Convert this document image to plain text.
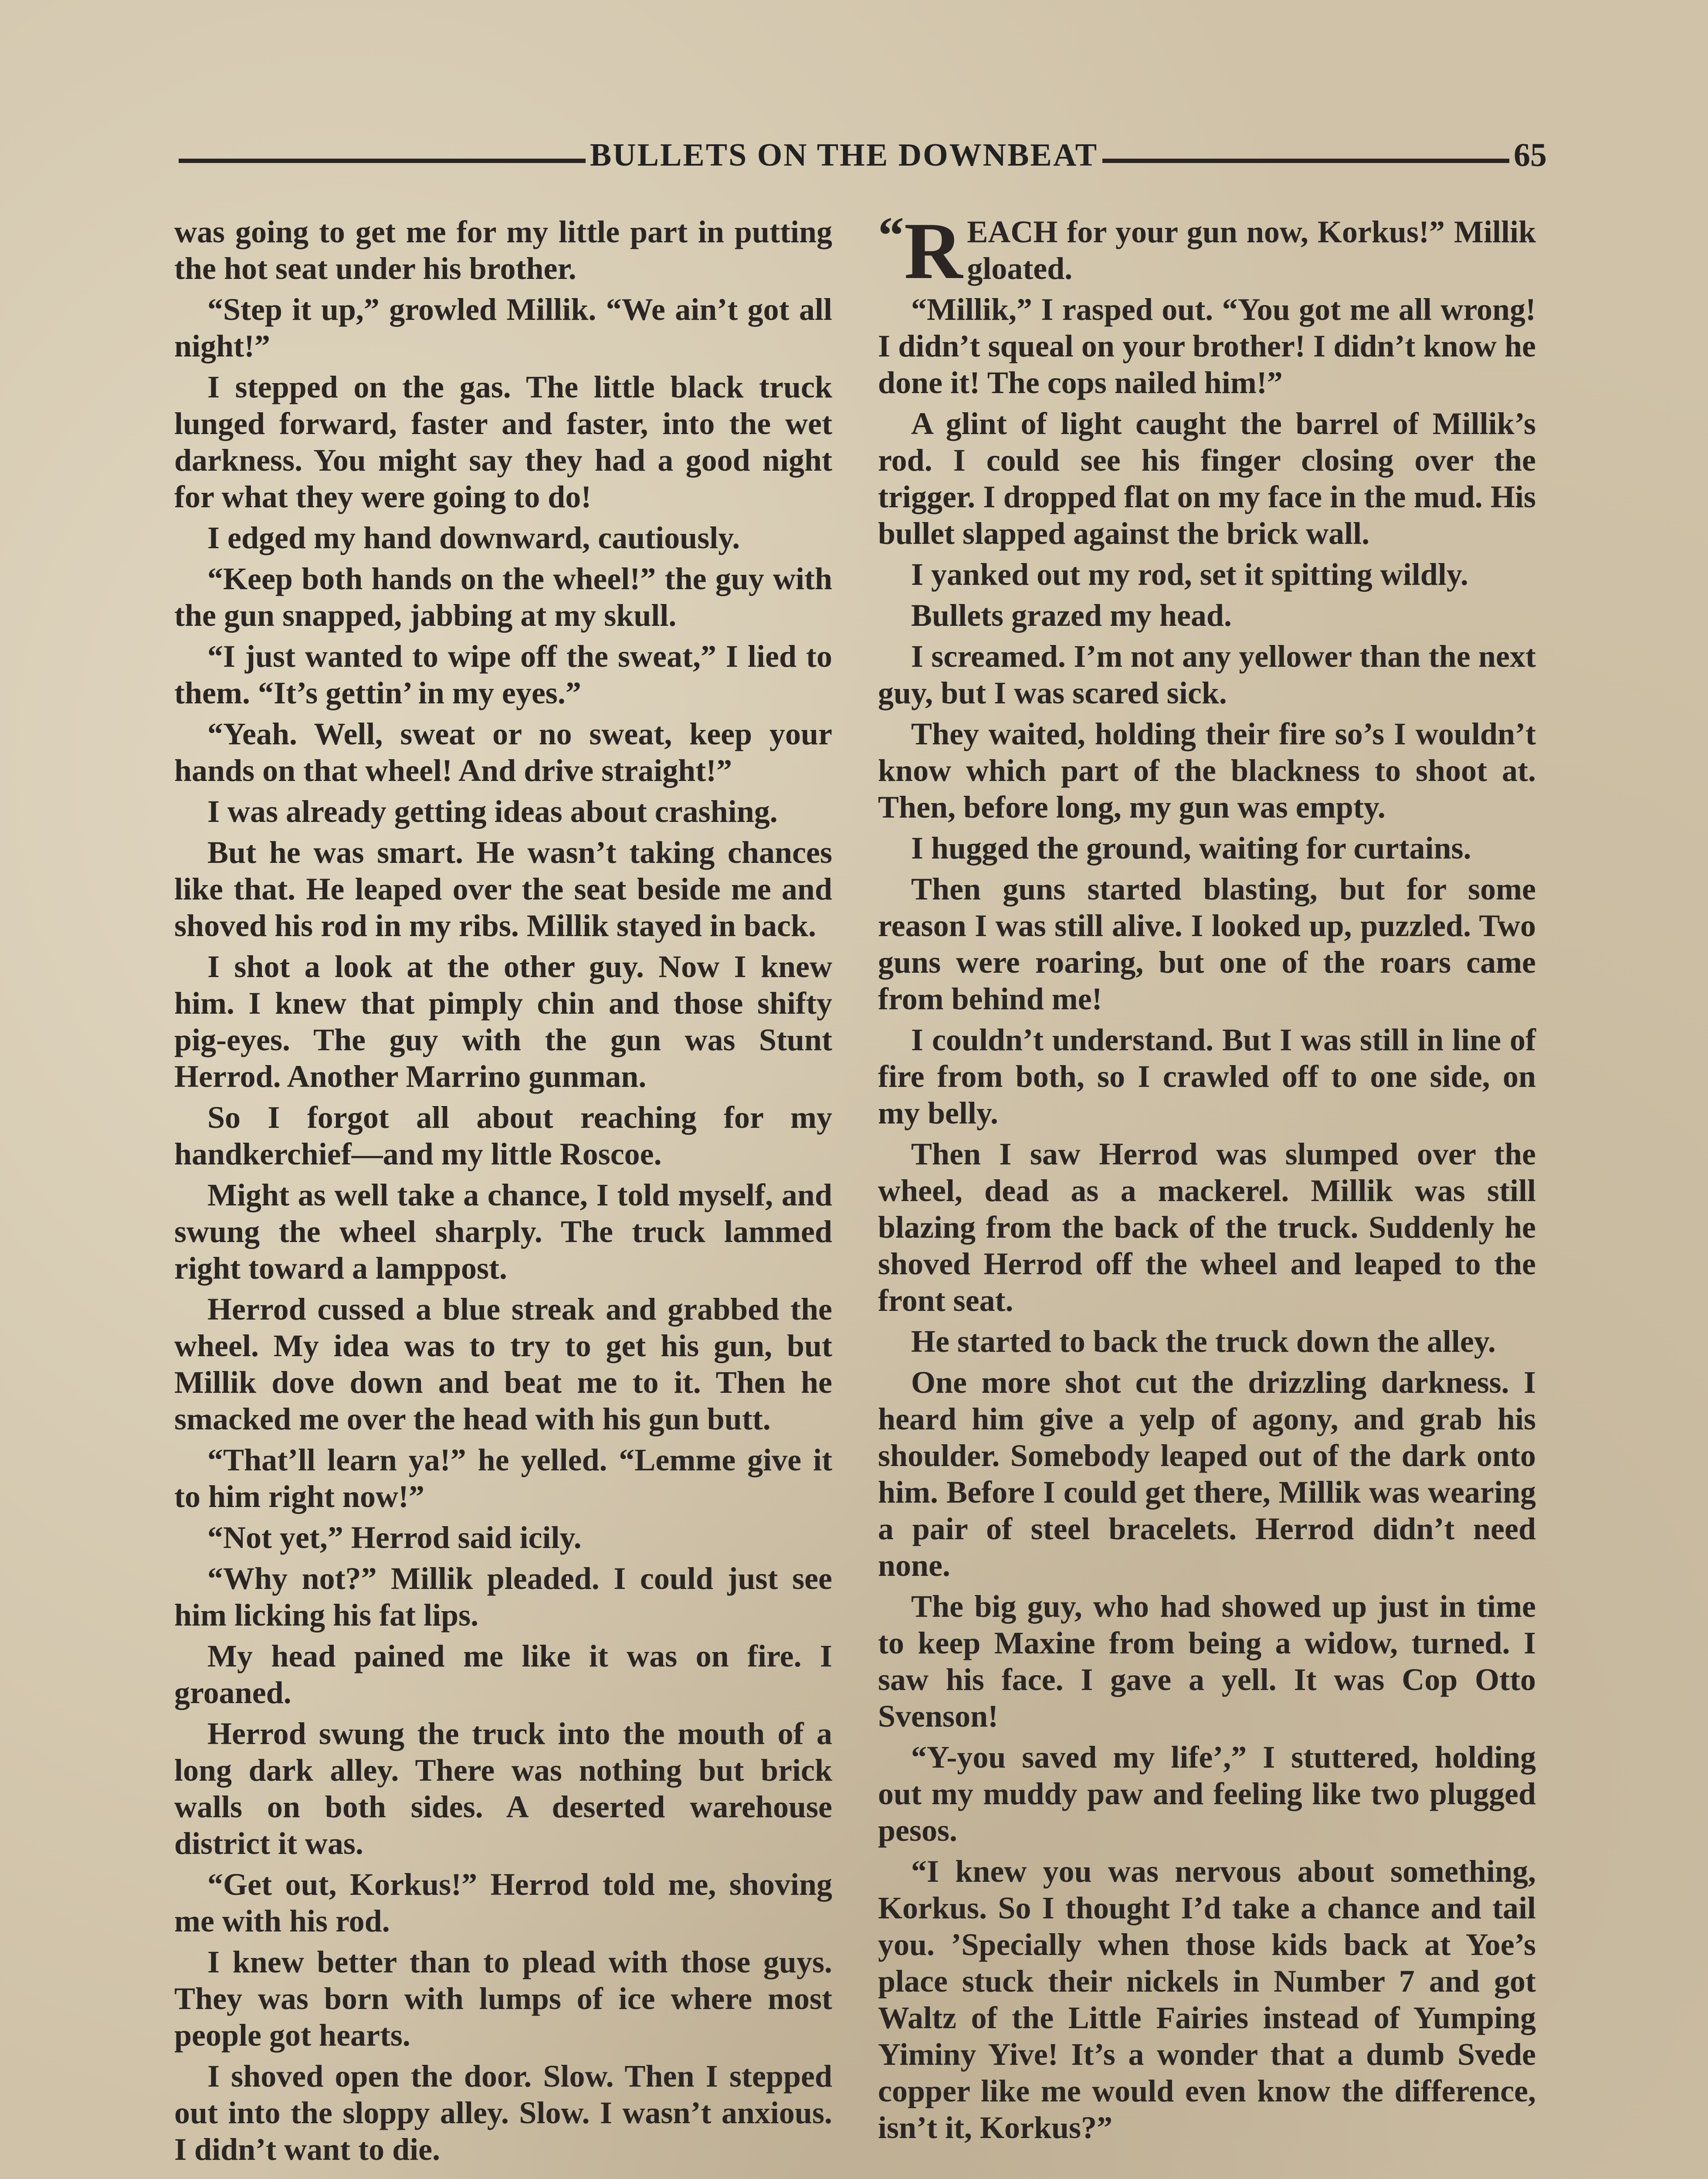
BULLETS ON THE DOWNBEAT	65

was going to get me for my little part in putting the hot seat under his brother.

“Step it up,” growled Millik. “We ain’t got all night!”

I stepped on the gas. The little black truck lunged forward, faster and faster, into the wet darkness. You might say they had a good night for what they were going to do!

I edged my hand downward, cautiously.

“Keep both hands on the wheel!” the guy with the gun snapped, jabbing at my skull.

“I just wanted to wipe off the sweat,” I lied to them. “It’s gettin’ in my eyes.”

“Yeah. Well, sweat or no sweat, keep your hands on that wheel! And drive straight!”

I was already getting ideas about crashing.

But he was smart. He wasn’t taking chances like that. He leaped over the seat beside me and shoved his rod in my ribs. Millik stayed in back.

I shot a look at the other guy. Now I knew him. I knew that pimply chin and those shifty pig-eyes. The guy with the gun was Stunt Herrod. Another Marrino gunman.

So I forgot all about reaching for my handkerchief—and my little Roscoe.

Might as well take a chance, I told myself, and swung the wheel sharply. The truck lammed right toward a lamppost.

Herrod cussed a blue streak and grabbed the wheel. My idea was to try to get his gun, but Millik dove down and beat me to it. Then he smacked me over the head with his gun butt.

“That’ll learn ya!” he yelled. “Lemme give it to him right now!”

“Not yet,” Herrod said icily.

“Why not?” Millik pleaded. I could just see him licking his fat lips.

My head pained me like it was on fire. I groaned.

Herrod swung the truck into the mouth of a long dark alley. There was nothing but brick walls on both sides. A deserted warehouse district it was.

“Get out, Korkus!” Herrod told me, shoving me with his rod.

I knew better than to plead with those guys. They was born with lumps of ice where most people got hearts.

I shoved open the door. Slow. Then I stepped out into the sloppy alley. Slow. I wasn’t anxious. I didn’t want to die.

“R EACH for your gun now, Korkus!” Millik gloated.

“Millik,” I rasped out. “You got me all wrong! I didn’t squeal on your brother! I didn’t know he done it! The cops nailed him!”

A glint of light caught the barrel of Millik’s rod. I could see his finger closing over the trigger. I dropped flat on my face in the mud. His bullet slapped against the brick wall.

I yanked out my rod, set it spitting wildly.

Bullets grazed my head.

I screamed. I’m not any yellower than the next guy, but I was scared sick.

They waited, holding their fire so’s I wouldn’t know which part of the blackness to shoot at. Then, before long, my gun was empty.

I hugged the ground, waiting for curtains.

Then guns started blasting, but for some reason I was still alive. I looked up, puzzled. Two guns were roaring, but one of the roars came from behind me!

I couldn’t understand. But I was still in line of fire from both, so I crawled off to one side, on my belly.

Then I saw Herrod was slumped over the wheel, dead as a mackerel. Millik was still blazing from the back of the truck. Suddenly he shoved Herrod off the wheel and leaped to the front seat.

He started to back the truck down the alley.

One more shot cut the drizzling darkness. I heard him give a yelp of agony, and grab his shoulder. Somebody leaped out of the dark onto him. Before I could get there, Millik was wearing a pair of steel bracelets. Herrod didn’t need none.

The big guy, who had showed up just in time to keep Maxine from being a widow, turned. I saw his face. I gave a yell. It was Cop Otto Svenson!

“Y-you saved my life’,” I stuttered, holding out my muddy paw and feeling like two plugged pesos.

“I knew you was nervous about something, Korkus. So I thought I’d take a chance and tail you. ’Specially when those kids back at Yoe’s place stuck their nickels in Number 7 and got Waltz of the Little Fairies instead of Yumping Yiminy Yive! It’s a wonder that a dumb Svede copper like me would even know the difference, isn’t it, Korkus?”
